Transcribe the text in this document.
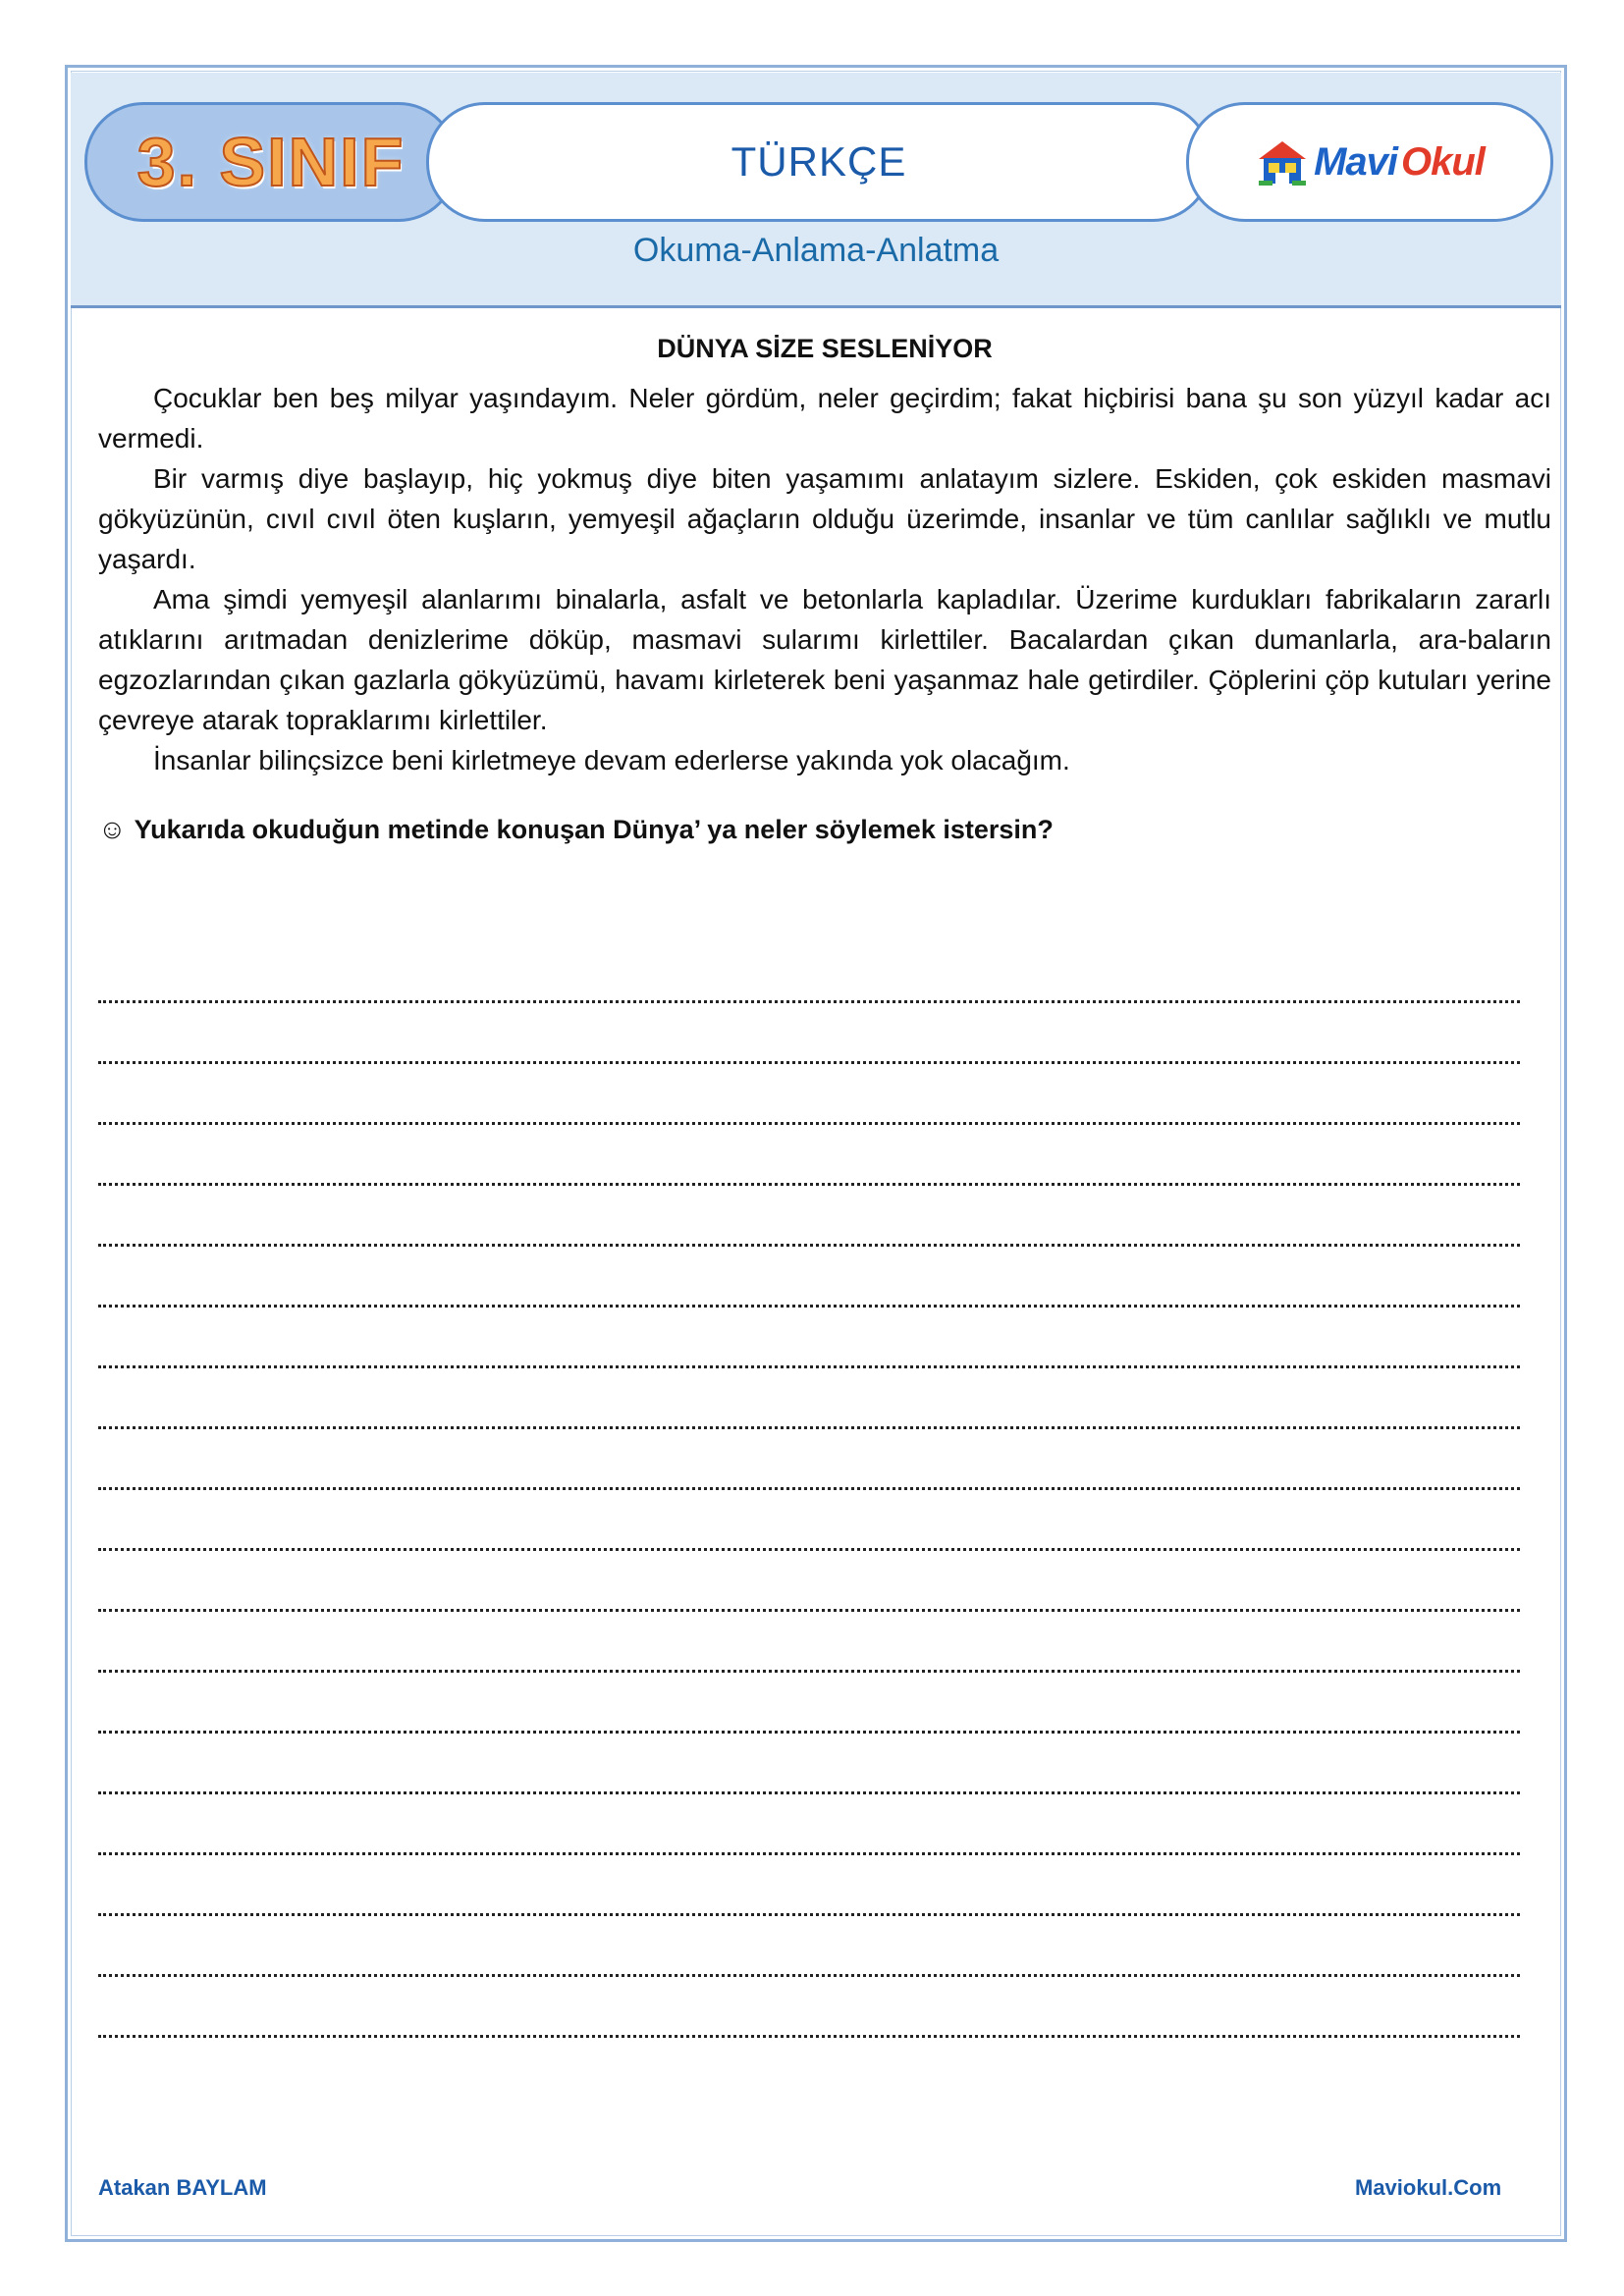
3. SINIF	TÜRKÇE	Mavi Okul
Okuma-Anlama-Anlatma
DÜNYA SİZE SESLENİYOR

Çocuklar ben beş milyar yaşındayım. Neler gördüm, neler geçirdim; fakat hiçbirisi bana şu son yüzyıl kadar acı vermedi.

Bir varmış diye başlayıp, hiç yokmuş diye biten yaşamımı anlatayım sizlere. Eskiden, çok eskiden masmavi gökyüzünün, cıvıl cıvıl öten kuşların, yemyeşil ağaçların olduğu üzerimde, insanlar ve tüm canlılar sağlıklı ve mutlu yaşardı.

Ama şimdi yemyeşil alanlarımı binalarla, asfalt ve betonlarla kapladılar. Üzerime kurdukları fabrikaların zararlı atıklarını arıtmadan denizlerime döküp, masmavi sularımı kirlettiler. Bacalardan çıkan dumanlarla, ara-baların egzozlarından çıkan gazlarla gökyüzümü, havamı kirleterek beni yaşanmaz hale getirdiler. Çöplerini çöp kutuları yerine çevreye atarak topraklarımı kirlettiler.

İnsanlar bilinçsizce beni kirletmeye devam ederlerse yakında yok olacağım.

☺ Yukarıda okuduğun metinde konuşan Dünya’ ya neler söylemek istersin?
Atakan BAYLAM	Maviokul.Com
